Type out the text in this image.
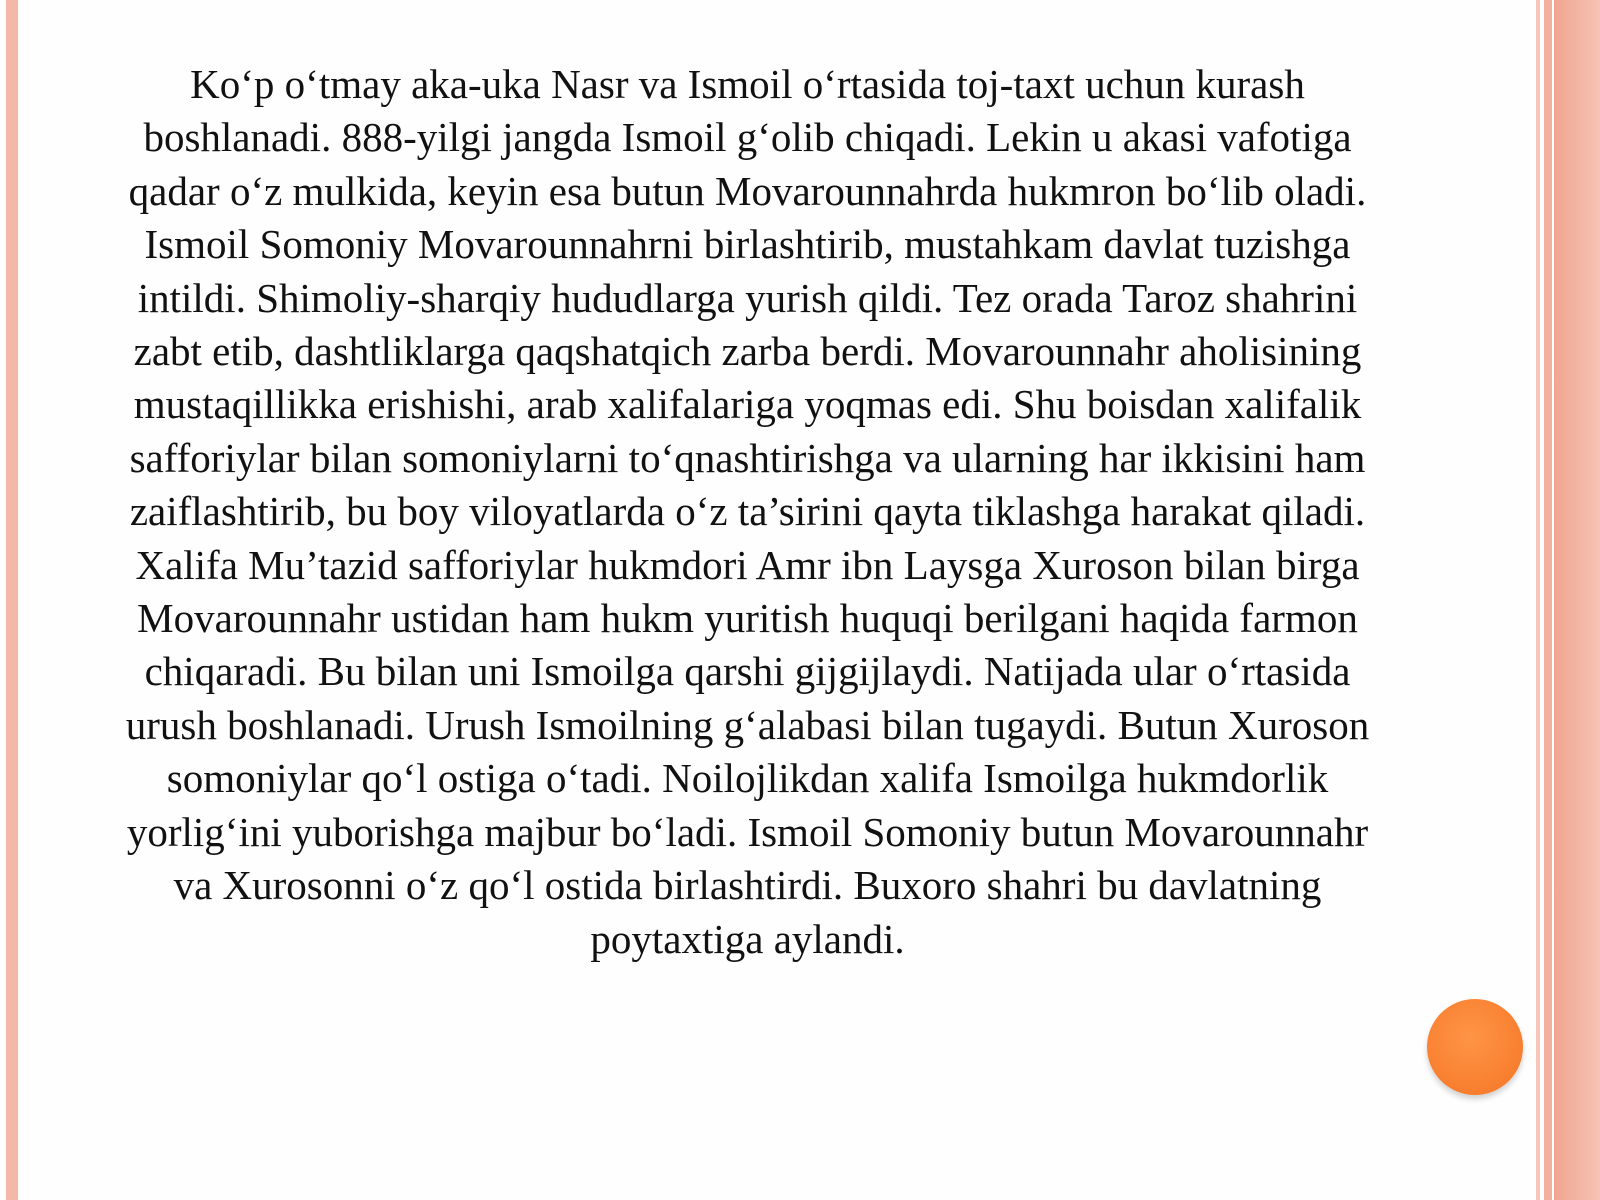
Ko‘p o‘tmay aka-uka Nasr va Ismoil o‘rtasida toj-taxt uchun kurash
boshlanadi. 888-yilgi jangda Ismoil g‘olib chiqadi. Lekin u akasi vafotiga
qadar o‘z mulkida, keyin esa butun Movarounnahrda hukmron bo‘lib oladi.
Ismoil Somoniy Movarounnahrni birlashtirib, mustahkam davlat tuzishga
intildi. Shimoliy-sharqiy hududlarga yurish qildi. Tez orada Taroz shahrini
zabt etib, dashtliklarga qaqshatqich zarba berdi. Movarounnahr aholisining
mustaqillikka erishishi, arab xalifalariga yoqmas edi. Shu boisdan xalifalik
safforiylar bilan somoniylarni to‘qnashtirishga va ularning har ikkisini ham
zaiflashtirib, bu boy viloyatlarda o‘z ta’sirini qayta tiklashga harakat qiladi.
Xalifa Mu’tazid safforiylar hukmdori Amr ibn Laysga Xuroson bilan birga
Movarounnahr ustidan ham hukm yuritish huquqi berilgani haqida farmon
chiqaradi. Bu bilan uni Ismoilga qarshi gijgijlaydi. Natijada ular o‘rtasida
urush boshlanadi. Urush Ismoilning g‘alabasi bilan tugaydi. Butun Xuroson
somoniylar qo‘l ostiga o‘tadi. Noilojlikdan xalifa Ismoilga hukmdorlik
yorlig‘ini yuborishga majbur bo‘ladi. Ismoil Somoniy butun Movarounnahr
va Xurosonni o‘z qo‘l ostida birlashtirdi. Buxoro shahri bu davlatning
poytaxtiga aylandi.
